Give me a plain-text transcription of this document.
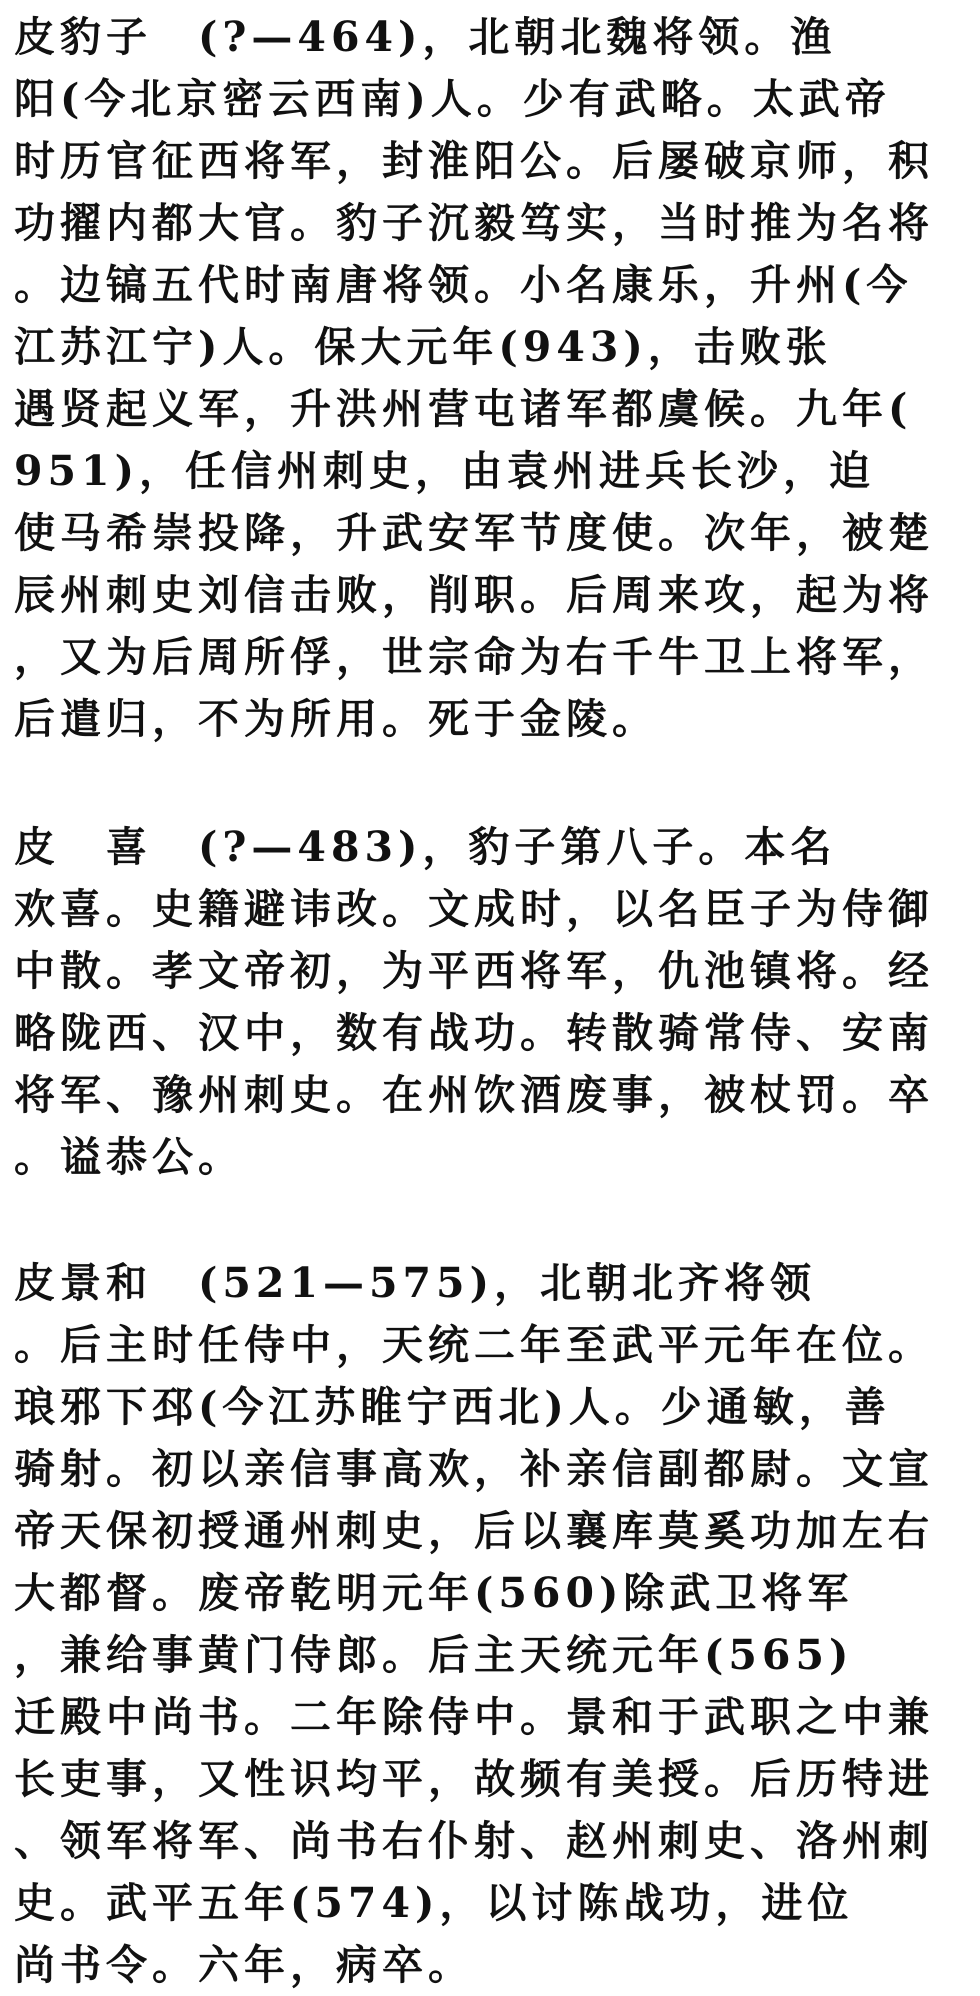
皮豹子　(?—464)，北朝北魏将领。渔
阳(今北京密云西南)人。少有武略。太武帝
时历官征西将军，封淮阳公。后屡破京师，积
功擢内都大官。豹子沉毅笃实，当时推为名将
。边镐五代时南唐将领。小名康乐，升州(今
江苏江宁)人。保大元年(943)，击败张
遇贤起义军，升洪州营屯诸军都虞候。九年(
951)，任信州刺史，由袁州进兵长沙，迫
使马希崇投降，升武安军节度使。次年，被楚
辰州刺史刘信击败，削职。后周来攻，起为将
，又为后周所俘，世宗命为右千牛卫上将军，
后遣归，不为所用。死于金陵。
皮　喜　(?—483)，豹子第八子。本名
欢喜。史籍避讳改。文成时，以名臣子为侍御
中散。孝文帝初，为平西将军，仇池镇将。经
略陇西、汉中，数有战功。转散骑常侍、安南
将军、豫州刺史。在州饮酒废事，被杖罚。卒
。谥恭公。
皮景和　(521—575)，北朝北齐将领
。后主时任侍中，天统二年至武平元年在位。
琅邪下邳(今江苏睢宁西北)人。少通敏，善
骑射。初以亲信事高欢，补亲信副都尉。文宣
帝天保初授通州刺史，后以襄库莫奚功加左右
大都督。废帝乾明元年(560)除武卫将军
，兼给事黄门侍郎。后主天统元年(565)
迁殿中尚书。二年除侍中。景和于武职之中兼
长吏事，又性识均平，故频有美授。后历特进
、领军将军、尚书右仆射、赵州刺史、洛州刺
史。武平五年(574)，以讨陈战功，进位
尚书令。六年，病卒。
